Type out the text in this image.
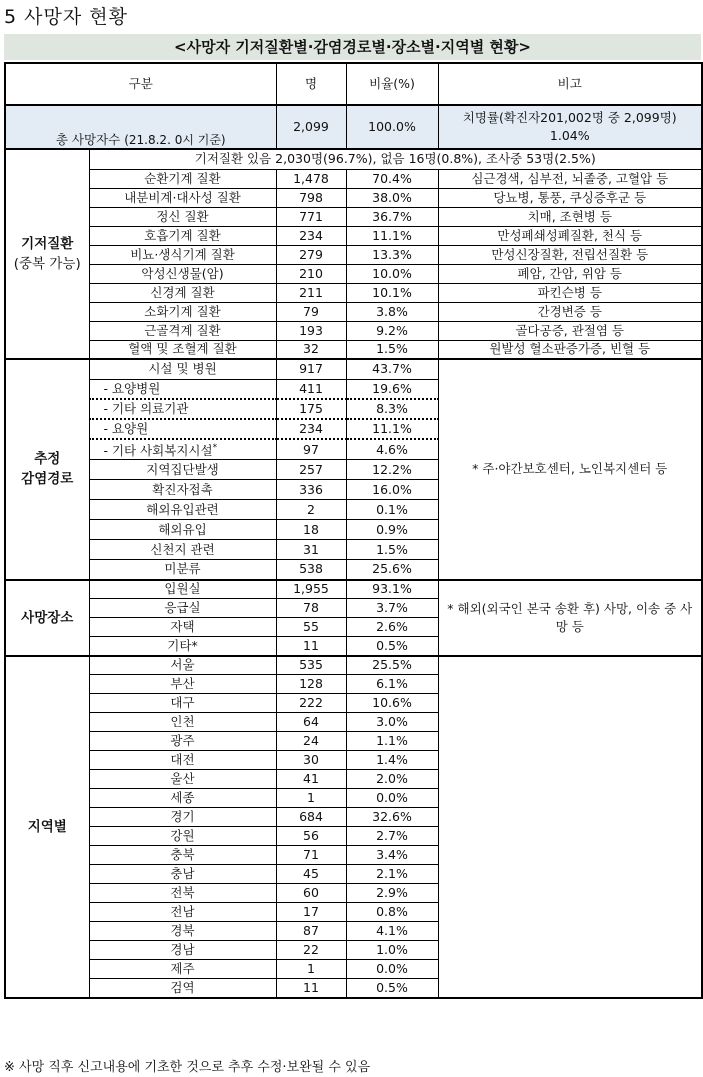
5 사망자 현황
<사망자 기저질환별·감염경로별·장소별·지역별 현황>
구분		명	비율(%)	비고
총 사망자수 (21.8.2. 0시 기준)		2,099	100.0%	치명률(확진자201,002명 중 2,099명) 1.04%

기저질환
(중복 가능)	기저질환 있음 2,030명(96.7%), 없음 16명(0.8%), 조사중 53명(2.5%)			
	순환기계 질환	1,478	70.4%	심근경색, 심부전, 뇌졸중, 고혈압 등
	내분비계·대사성 질환	798	38.0%	당뇨병, 통풍, 쿠싱증후군 등
	정신 질환	771	36.7%	치매, 조현병 등
	호흡기계 질환	234	11.1%	만성폐쇄성폐질환, 천식 등
	비뇨·생식기계 질환	279	13.3%	만성신장질환, 전립선질환 등
	악성신생물(암)	210	10.0%	폐암, 간암, 위암 등
	신경계 질환	211	10.1%	파킨슨병 등
	소화기계 질환	79	3.8%	간경변증 등
	근골격계 질환	193	9.2%	골다공증, 관절염 등
	혈액 및 조혈계 질환	32	1.5%	원발성 혈소판증가증, 빈혈 등

추정
감염경로	시설 및 병원	917	43.7%	* 주·야간보호센터, 노인복지센터 등
	- 요양병원	411	19.6%	
	- 기타 의료기관	175	8.3%	
	- 요양원	234	11.1%	
	- 기타 사회복지시설*	97	4.6%	
	지역집단발생	257	12.2%	
	확진자접촉	336	16.0%	
	해외유입관련	2	0.1%	
	해외유입	18	0.9%	
	신천지 관련	31	1.5%	
	미분류	538	25.6%	
사망장소	입원실	1,955	93.1%	* 해외(외국인 본국 송환 후) 사망, 이송 중 사망 등
	응급실	78	3.7%	
	자택	55	2.6%	
	기타*	11	0.5%	
지역별	서울	535	25.5%	
	부산	128	6.1%	
	대구	222	10.6%	
	인천	64	3.0%	
	광주	24	1.1%	
	대전	30	1.4%	
	울산	41	2.0%	
	세종	1	0.0%	
	경기	684	32.6%	
	강원	56	2.7%	
	충북	71	3.4%	
	충남	45	2.1%	
	전북	60	2.9%	
	전남	17	0.8%	
	경북	87	4.1%	
	경남	22	1.0%	
	제주	1	0.0%	
	검역	11	0.5%	
※ 사망 직후 신고내용에 기초한 것으로 추후 수정·보완될 수 있음
